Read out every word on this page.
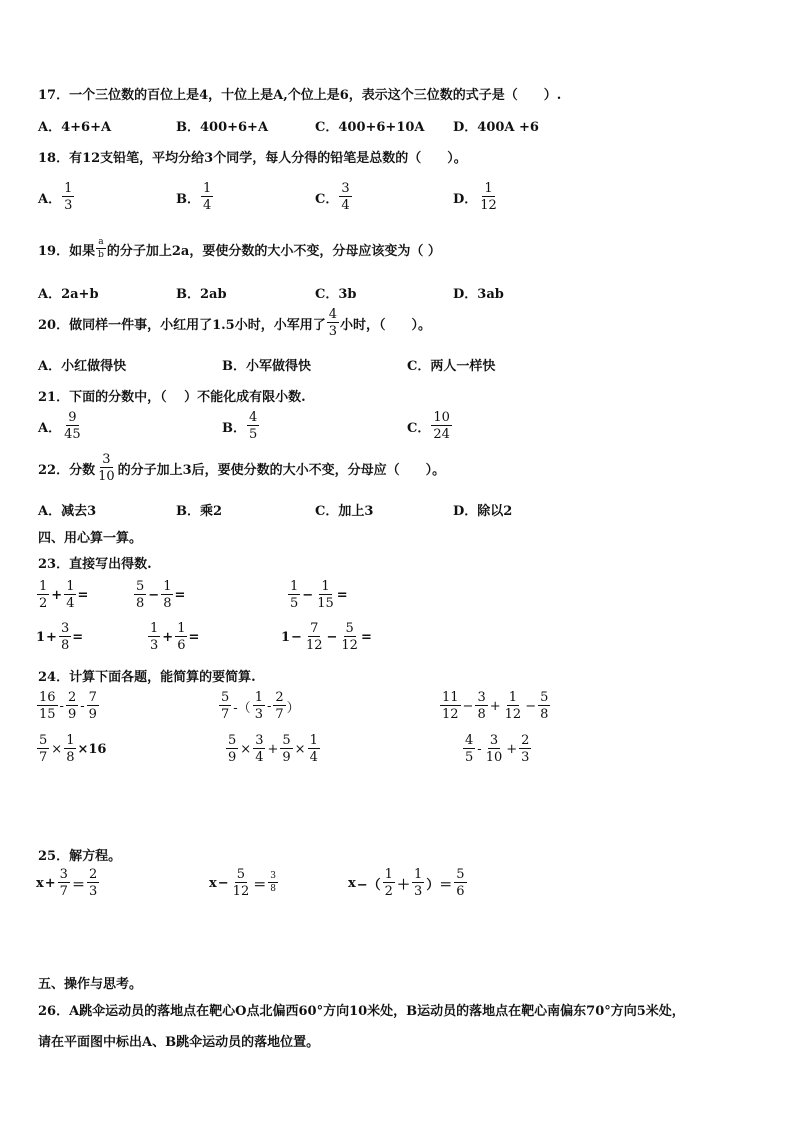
17．一个三位数的百位上是4，十位上是A,个位上是6，表示这个三位数的式子是（　　）.
A．4+6+A	B．400+6+A	C．400+6+10A D．400A +6
18．有12支铅笔，平均分给3个同学，每人分得的铅笔是总数的（　　）。
A． $\frac{1}{3}$	B． $\frac{1}{4}$	C． $\frac{3}{4}$	D． $\frac{1}{12}$
19．如果 $\frac{a}{b}$ 的分子加上2a，要使分数的大小不变，分母应该变为（ ）
A．2a+b	B．2ab	C．3b	D．3ab
20．做同样一件事，小红用了1.5小时，小军用了 $\frac{4}{3}$ 小时，（　　）。
A．小红做得快	B．小军做得快	C．两人一样快
21．下面的分数中，（　 ）不能化成有限小数.
A． $\frac{9}{45}$	B． $\frac{4}{5}$	C． $\frac{10}{24}$
22．分数 $\frac{3}{10}$ 的分子加上3后，要使分数的大小不变，分母应（　　）。
A．减去3	B．乘2	C．加上3	D．除以2
四、用心算一算。
23．直接写出得数.
$\frac{1}{2} + \frac{1}{4}$ =	$\frac{5}{8} - \frac{1}{8}$ =	$\frac{1}{5} - \frac{1}{15}$ =
$1 + \frac{3}{8}$ =	$\frac{1}{3} + \frac{1}{6}$ =	$1 - \frac{7}{12} - \frac{5}{12}$ =
24．计算下面各题，能简算的要简算.
$\frac{16}{15} - \frac{2}{9} - \frac{7}{9}$	$\frac{5}{7}$ -（ $\frac{1}{3} - \frac{2}{7}$ ）	$\frac{11}{12} - \frac{3}{8} + \frac{1}{12} - \frac{5}{8}$
$\frac{5}{7} \times \frac{1}{8} \times 16$	$\frac{5}{9} \times \frac{3}{4} + \frac{5}{9} \times \frac{1}{4}$	$\frac{4}{5} - \frac{3}{10} + \frac{2}{3}$
25．解方程。
$x + \frac{3}{7} = \frac{2}{3}$	$x - \frac{5}{12} = \frac{3}{8}$	x −（ $\frac{1}{2} + \frac{1}{3}$ ）＝ $\frac{5}{6}$
五、操作与思考。
26．A跳伞运动员的落地点在靶心O点北偏西60°方向10米处，B运动员的落地点在靶心南偏东70°方向5米处，
请在平面图中标出A、B跳伞运动员的落地位置。
